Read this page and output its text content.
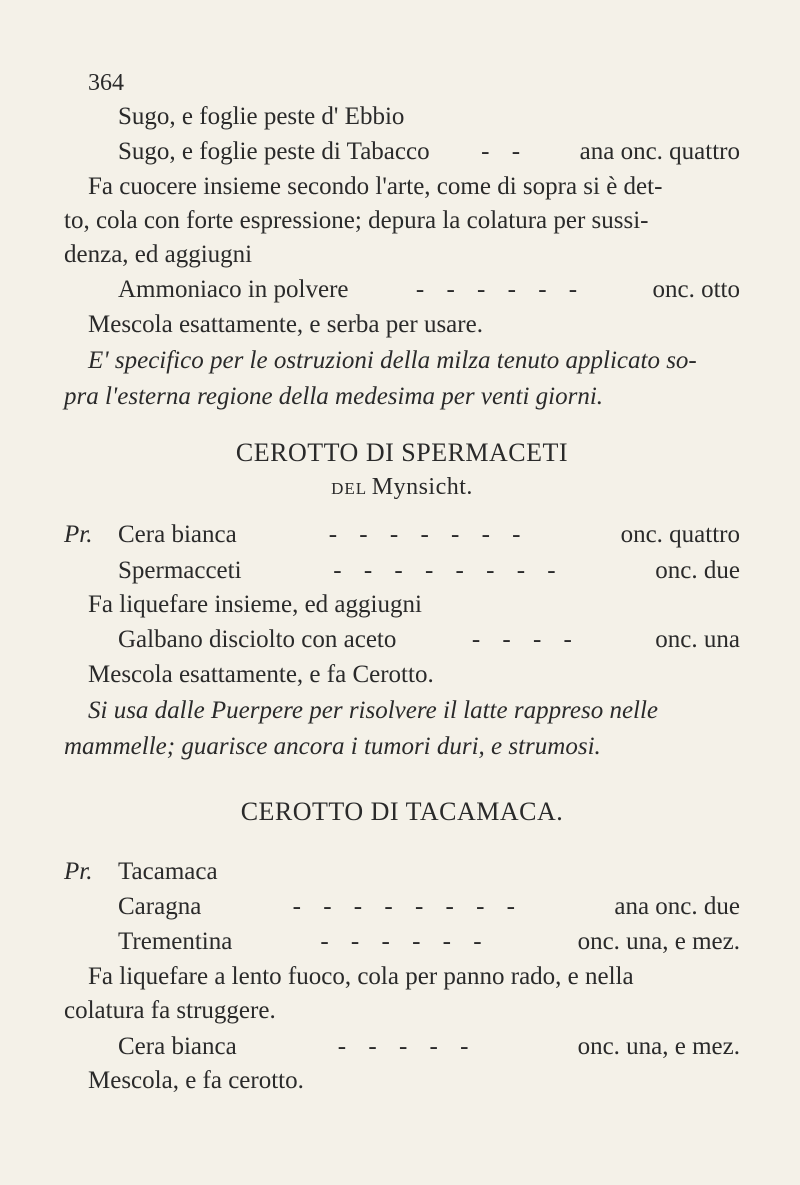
364
Sugo, e foglie peste d' Ebbio
Sugo, e foglie peste di Tabacco	- -	ana onc. quattro
Fa cuocere insieme secondo l'arte, come di sopra si è det-
to, cola con forte espressione; depura la colatura per sussi-
denza, ed aggiugni
Ammoniaco in polvere	- - - - - -	onc. otto
Mescola esattamente, e serba per usare.
E' specifico per le ostruzioni della milza tenuto applicato so-
pra l'esterna regione della medesima per venti giorni.
CEROTTO DI SPERMACETI
DEL Mynsicht.
Pr.	Cera bianca	- - - - - - -	onc. quattro
Spermacceti	- - - - - - - -	onc. due
Fa liquefare insieme, ed aggiugni
Galbano disciolto con aceto	- - - -	onc. una
Mescola esattamente, e fa Cerotto.
Si usa dalle Puerpere per risolvere il latte rappreso nelle
mammelle; guarisce ancora i tumori duri, e strumosi.
CEROTTO DI TACAMACA.
Pr.	Tacamaca
Caragna	- - - - - - - -	ana onc. due
Trementina	- - - - - -	onc. una, e mez.
Fa liquefare a lento fuoco, cola per panno rado, e nella
colatura fa struggere.
Cera bianca	- - - - -	onc. una, e mez.
Mescola, e fa cerotto.
